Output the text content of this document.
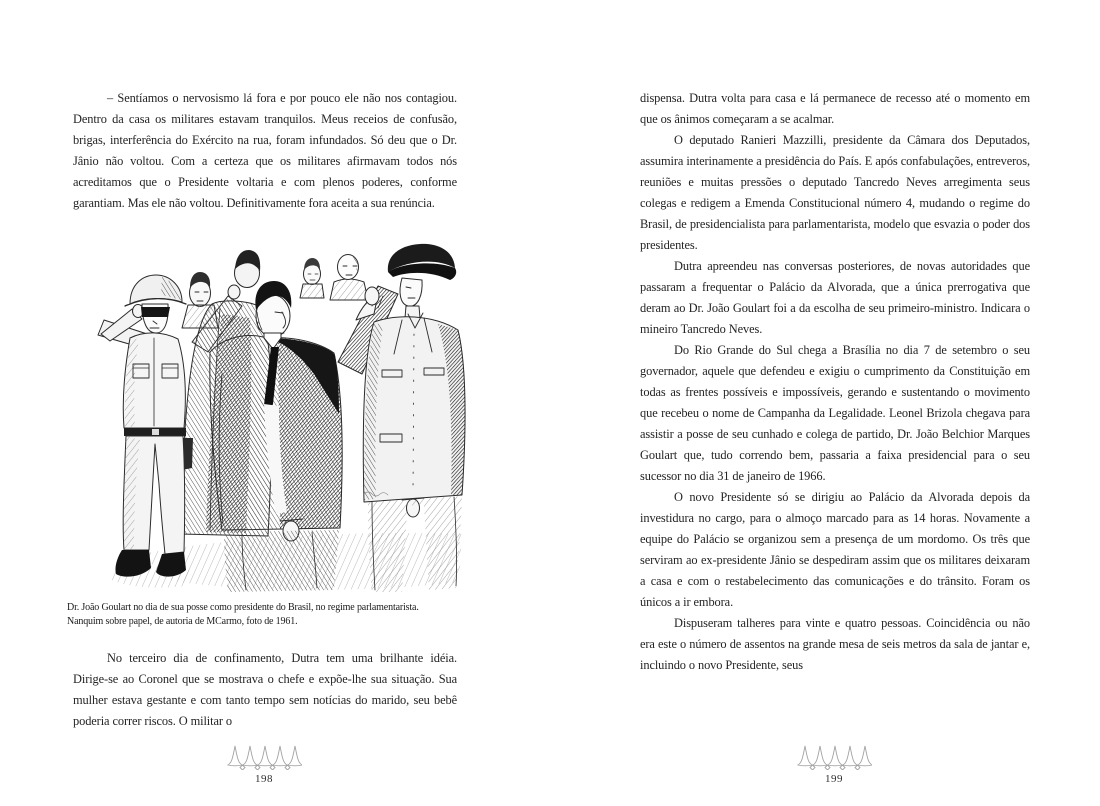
– Sentíamos o nervosismo lá fora e por pouco ele não nos contagiou. Dentro da casa os militares estavam tranquilos. Meus receios de confusão, brigas, interferência do Exército na rua, foram infundados. Só deu que o Dr. Jânio não voltou. Com a certeza que os militares afirmavam todos nós acreditamos que o Presidente voltaria e com plenos poderes, conforme garantiam. Mas ele não voltou. Definitivamente fora aceita a sua renúncia.

Dr. João Goulart no dia de sua posse como presidente do Brasil, no regime parlamentarista.
Nanquim sobre papel, de autoria de MCarmo, foto de 1961.

No terceiro dia de confinamento, Dutra tem uma brilhante idéia. Dirige-se ao Coronel que se mostrava o chefe e expõe-lhe sua situação. Sua mulher estava gestante e com tanto tempo sem notícias do marido, seu bebê poderia correr riscos. O militar o

198

dispensa. Dutra volta para casa e lá permanece de recesso até o momento em que os ânimos começaram a se acalmar.

O deputado Ranieri Mazzilli, presidente da Câmara dos Deputados, assumira interinamente a presidência do País. E após confabulações, entreveros, reuniões e muitas pressões o deputado Tancredo Neves arregimenta seus colegas e redigem a Emenda Constitucional número 4, mudando o regime do Brasil, de presidencialista para parlamentarista, modelo que esvazia o poder dos presidentes.

Dutra apreendeu nas conversas posteriores, de novas autoridades que passaram a frequentar o Palácio da Alvorada, que a única prerrogativa que deram ao Dr. João Goulart foi a da escolha de seu primeiro-ministro. Indicara o mineiro Tancredo Neves.

Do Rio Grande do Sul chega a Brasília no dia 7 de setembro o seu governador, aquele que defendeu e exigiu o cumprimento da Constituição em todas as frentes possíveis e impossíveis, gerando e sustentando o movimento que recebeu o nome de Campanha da Legalidade. Leonel Brizola chegava para assistir a posse de seu cunhado e colega de partido, Dr. João Belchior Marques Goulart que, tudo correndo bem, passaria a faixa presidencial para o seu sucessor no dia 31 de janeiro de 1966.

O novo Presidente só se dirigiu ao Palácio da Alvorada depois da investidura no cargo, para o almoço marcado para as 14 horas. Novamente a equipe do Palácio se organizou sem a presença de um mordomo. Os três que serviram ao ex-presidente Jânio se despediram assim que os militares deixaram a casa e com o restabelecimento das comunicações e do trânsito. Foram os únicos a ir embora.

Dispuseram talheres para vinte e quatro pessoas. Coincidência ou não era este o número de assentos na grande mesa de seis metros da sala de jantar e, incluindo o novo Presidente, seus

199
